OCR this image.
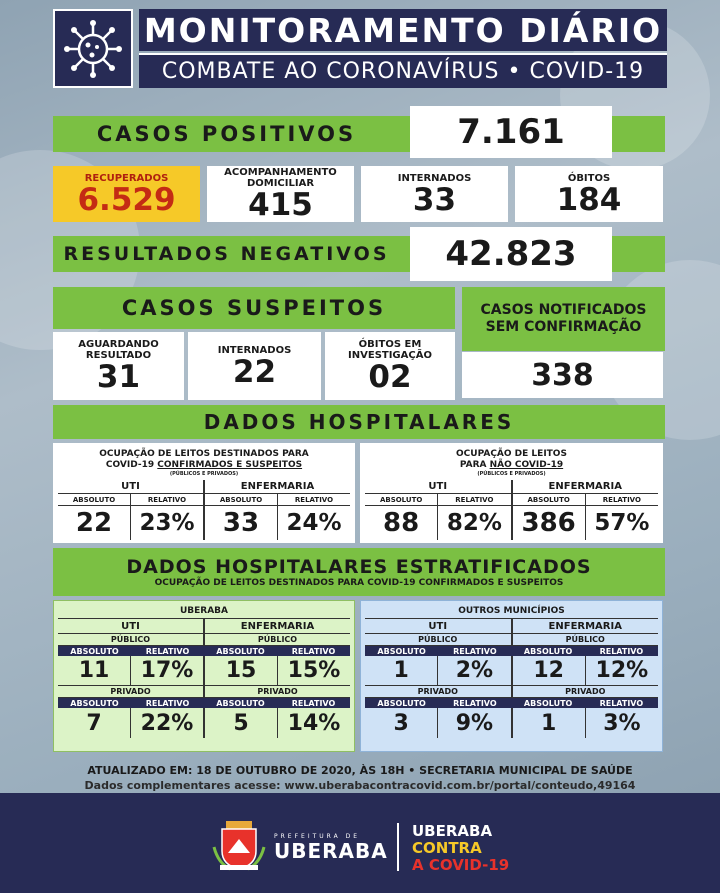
MONITORAMENTO DIÁRIO
COMBATE AO CORONAVÍRUS • COVID-19
CASOS POSITIVOS	7.161
RECUPERADOS
6.529
ACOMPANHAMENTO DOMICILIAR
415
INTERNADOS
33
ÓBITOS
184
RESULTADOS NEGATIVOS	42.823
CASOS SUSPEITOS
AGUARDANDO RESULTADO
31
INTERNADOS
22
ÓBITOS EM INVESTIGAÇÃO
02
CASOS NOTIFICADOS SEM CONFIRMAÇÃO
338
DADOS HOSPITALARES
OCUPAÇÃO DE LEITOS DESTINADOS PARA
COVID-19 CONFIRMADOS E SUSPEITOS
(PÚBLICOS E PRIVADOS)
UTI	ENFERMARIA
ABSOLUTO	RELATIVO	ABSOLUTO	RELATIVO
22	23%	33	24%
OCUPAÇÃO DE LEITOS
PARA NÃO COVID-19
(PÚBLICOS E PRIVADOS)
UTI	ENFERMARIA
ABSOLUTO	RELATIVO	ABSOLUTO	RELATIVO
88	82% 386 57%
DADOS HOSPITALARES ESTRATIFICADOS
OCUPAÇÃO DE LEITOS DESTINADOS PARA COVID-19 CONFIRMADOS E SUSPEITOS
UBERABA
UTI	ENFERMARIA
PÚBLICO	PÚBLICO
ABSOLUTO	RELATIVO	ABSOLUTO	RELATIVO
11	17%	15	15%
PRIVADO	PRIVADO
ABSOLUTO	RELATIVO	ABSOLUTO	RELATIVO
7	22%	5	14%
OUTROS MUNICÍPIOS
UTI	ENFERMARIA
PÚBLICO	PÚBLICO
ABSOLUTO	RELATIVO	ABSOLUTO	RELATIVO
1	2%	12	12%
PRIVADO	PRIVADO
ABSOLUTO	RELATIVO	ABSOLUTO	RELATIVO
3	9%	1	3%
ATUALIZADO EM: 18 DE OUTUBRO DE 2020, ÀS 18H • SECRETARIA MUNICIPAL DE SAÚDE
Dados complementares acesse: www.uberabacontracovid.com.br/portal/conteudo,49164
PREFEITURA DE
UBERABA
UBERABA
CONTRA
A COVID-19
